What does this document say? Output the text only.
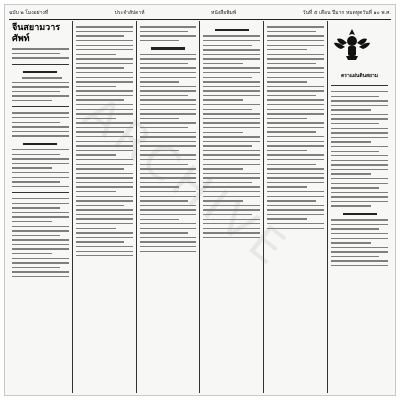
ฉบับ ๒ โมงอย่างที่	ประจำสัปดาห์	หนังสือพิมพ์	วันที่ ๕ เดือน ปีมาก หมดทูตวันที่ ๑๐ พ.ศ.
จีนสยามวารศัพท์
ตราแผ่นดินสยาม
